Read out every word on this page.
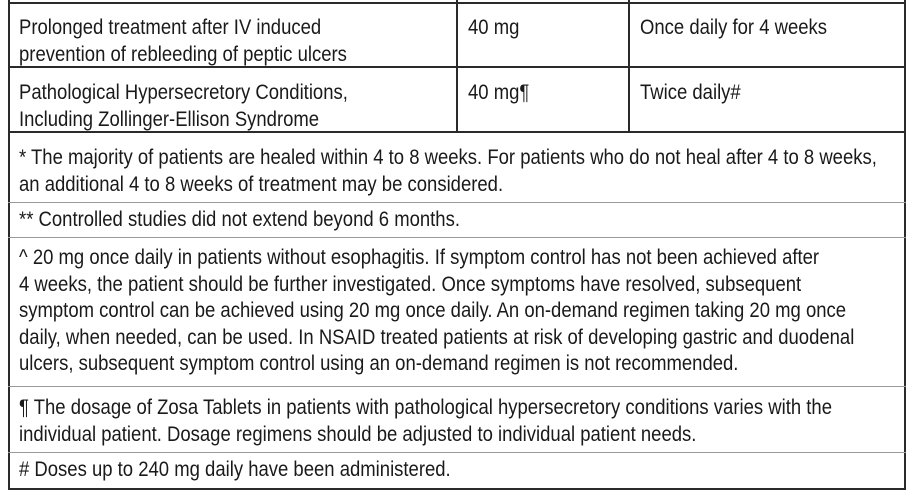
Prolonged treatment after IV induced
prevention of rebleeding of peptic ulcers
40 mg	Once daily for 4 weeks
Pathological Hypersecretory Conditions,
Including Zollinger-Ellison Syndrome
40 mg¶	Twice daily#
* The majority of patients are healed within 4 to 8 weeks. For patients who do not heal after 4 to 8 weeks,
an additional 4 to 8 weeks of treatment may be considered.
** Controlled studies did not extend beyond 6 months.
^ 20 mg once daily in patients without esophagitis. If symptom control has not been achieved after
4 weeks, the patient should be further investigated. Once symptoms have resolved, subsequent
symptom control can be achieved using 20 mg once daily. An on-demand regimen taking 20 mg once
daily, when needed, can be used. In NSAID treated patients at risk of developing gastric and duodenal
ulcers, subsequent symptom control using an on-demand regimen is not recommended.
¶ The dosage of Zosa Tablets in patients with pathological hypersecretory conditions varies with the
individual patient. Dosage regimens should be adjusted to individual patient needs.
# Doses up to 240 mg daily have been administered.
